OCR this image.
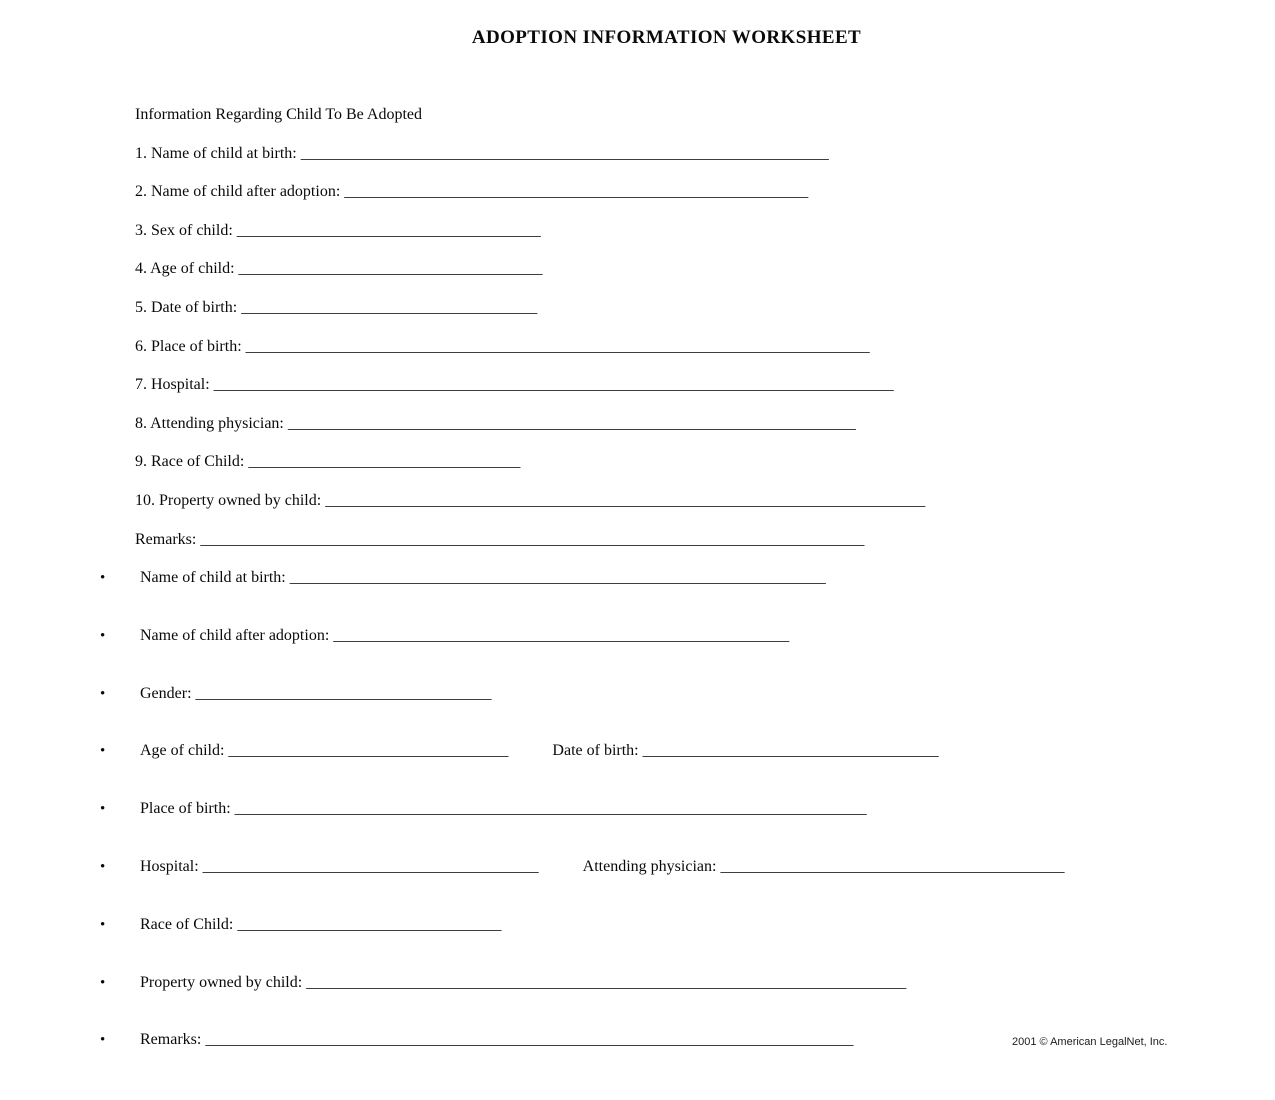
ADOPTION INFORMATION WORKSHEET
Information Regarding Child To Be Adopted
1. Name of child at birth: __________________________________________________________________
2. Name of child after adoption: __________________________________________________________
3. Sex of child: ______________________________________
4. Age of child: ______________________________________
5. Date of birth: _____________________________________
6. Place of birth: ______________________________________________________________________________
7. Hospital: _____________________________________________________________________________________
8. Attending physician: _______________________________________________________________________
9. Race of Child: __________________________________
10. Property owned by child: ___________________________________________________________________________
Remarks: ___________________________________________________________________________________
• Name of child at birth: ___________________________________________________________________
• Name of child after adoption: _________________________________________________________
• Gender: _____________________________________
• Age of child: ___________________________________	Date of birth: _____________________________________
• Place of birth: _______________________________________________________________________________
• Hospital: __________________________________________	Attending physician: ___________________________________________
• Race of Child: _________________________________
• Property owned by child: ___________________________________________________________________________
• Remarks: _________________________________________________________________________________	2001 © American LegalNet, Inc.
